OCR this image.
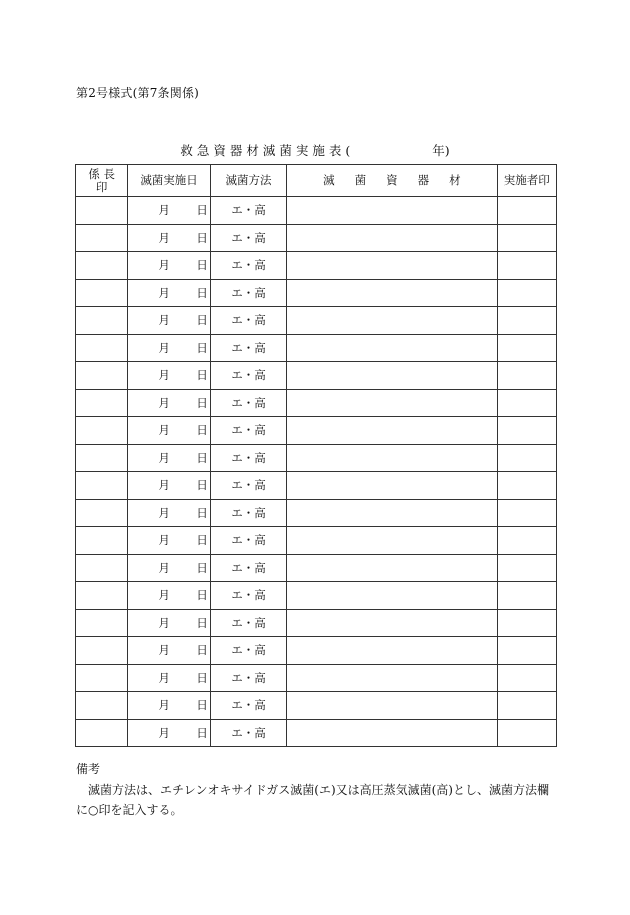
第2号様式(第7条関係)
救急資器材滅菌実施表(	年)
係 長
印	滅菌実施日	滅菌方法	滅 菌 資 器 材	実施者印

	月 日	エ・高		

	月 日	エ・高		

	月 日	エ・高		

	月 日	エ・高		

	月 日	エ・高		

	月 日	エ・高		

	月 日	エ・高		

	月 日	エ・高		

	月 日	エ・高		

	月 日	エ・高		

	月 日	エ・高		

	月 日	エ・高		

	月 日	エ・高		

	月 日	エ・高		

	月 日	エ・高		

	月 日	エ・高		

	月 日	エ・高		

	月 日	エ・高		

	月 日	エ・高		

	月 日	エ・高		
備考
滅菌方法は、エチレンオキサイドガス滅菌(エ)又は高圧蒸気滅菌(高)とし、滅菌方法欄に○印を記入する。
